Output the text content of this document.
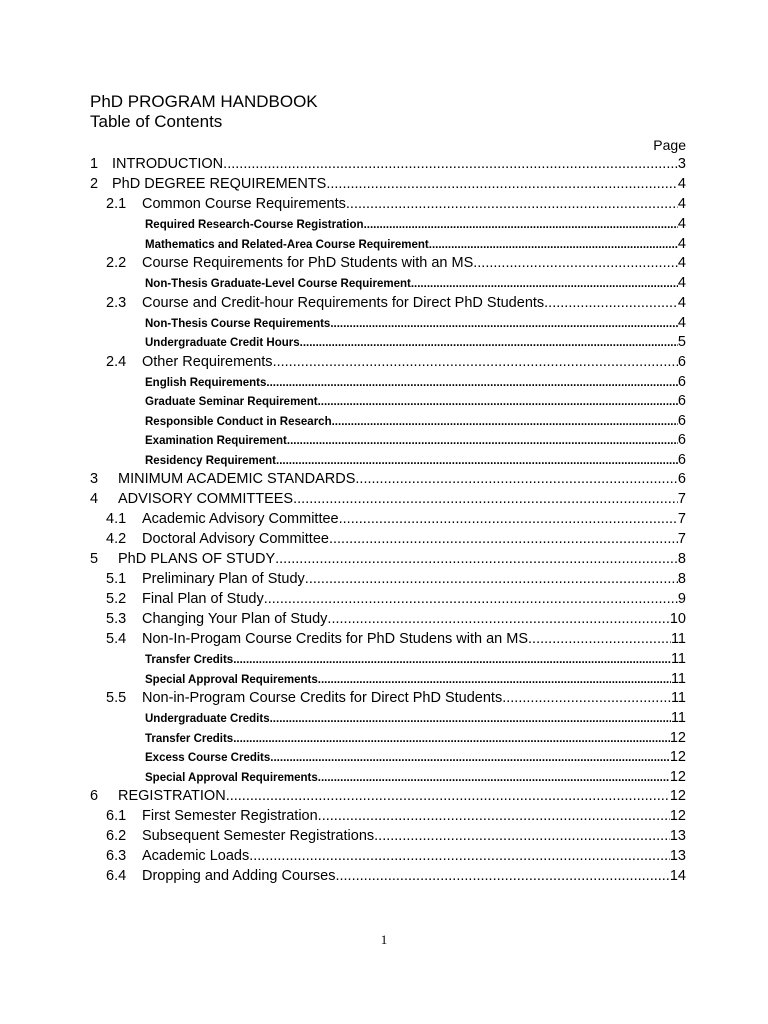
PhD PROGRAM HANDBOOK
Table of Contents
Page
1 INTRODUCTION .....	3
2 PhD DEGREE REQUIREMENTS .....	4
2.1	Common Course Requirements .....	4
Required Research-Course Registration .....	4
Mathematics and Related-Area Course Requirement .....	4
2.2	Course Requirements for PhD Students with an MS .....	4
Non-Thesis Graduate-Level Course Requirement .....	4
2.3	Course and Credit-hour Requirements for Direct PhD Students .....	4
Non-Thesis Course Requirements .....	4
Undergraduate Credit Hours .....	5
2.4	Other Requirements .....	6
English Requirements .....	6
Graduate Seminar Requirement .....	6
Responsible Conduct in Research .....	6
Examination Requirement .....	6
Residency Requirement .....	6
3	MINIMUM ACADEMIC STANDARDS .....	6
4	ADVISORY COMMITTEES .....	7
4.1	Academic Advisory Committee .....	7
4.2	Doctoral Advisory Committee .....	7
5	PhD PLANS OF STUDY .....	8
5.1	Preliminary Plan of Study .....	8
5.2	Final Plan of Study .....	9
5.3	Changing Your Plan of Study .....	10
5.4	Non-In-Progam Course Credits for PhD Studens with an MS .....	11
Transfer Credits .....	11
Special Approval Requirements .....	11
5.5	Non-in-Program Course Credits for Direct PhD Students .....	11
Undergraduate Credits .....	11
Transfer Credits .....	12
Excess Course Credits .....	12
Special Approval Requirements .....	12
6	REGISTRATION .....	12
6.1	First Semester Registration .....	12
6.2	Subsequent Semester Registrations .....	13
6.3	Academic Loads .....	13
6.4	Dropping and Adding Courses .....	14
1
